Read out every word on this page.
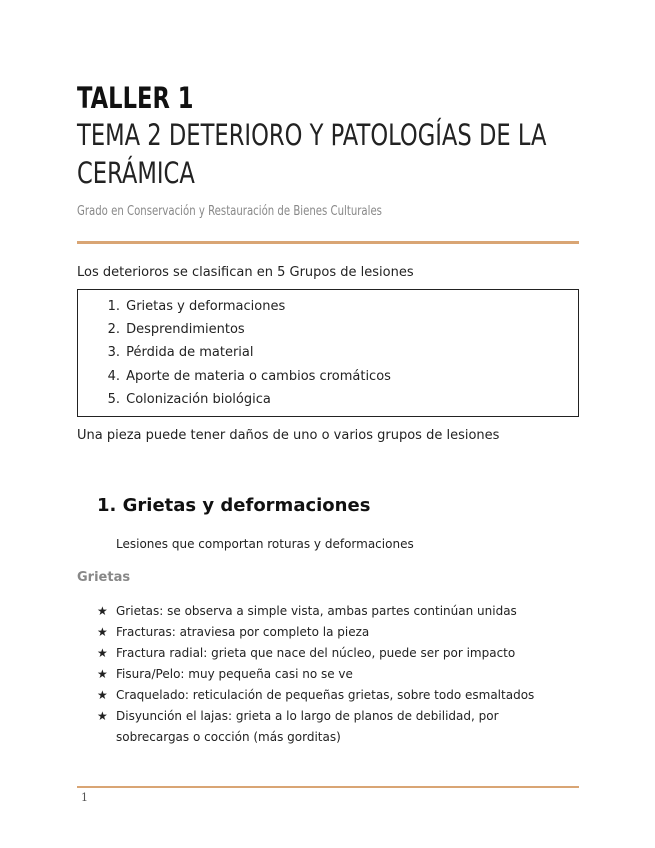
TALLER 1
TEMA 2 DETERIORO Y PATOLOGÍAS DE LA
CERÁMICA
Grado en Conservación y Restauración de Bienes Culturales
Los deterioros se clasifican en 5 Grupos de lesiones
1. Grietas y deformaciones
2. Desprendimientos
3. Pérdida de material
4. Aporte de materia o cambios cromáticos
5. Colonización biológica
Una pieza puede tener daños de uno o varios grupos de lesiones
1. Grietas y deformaciones
Lesiones que comportan roturas y deformaciones
Grietas
★ Grietas: se observa a simple vista, ambas partes continúan unidas
★ Fracturas: atraviesa por completo la pieza
★ Fractura radial: grieta que nace del núcleo, puede ser por impacto
★ Fisura/Pelo: muy pequeña casi no se ve
★ Craquelado: reticulación de pequeñas grietas, sobre todo esmaltados
★ Disyunción el lajas: grieta a lo largo de planos de debilidad, por sobrecargas o cocción (más gorditas)
1
